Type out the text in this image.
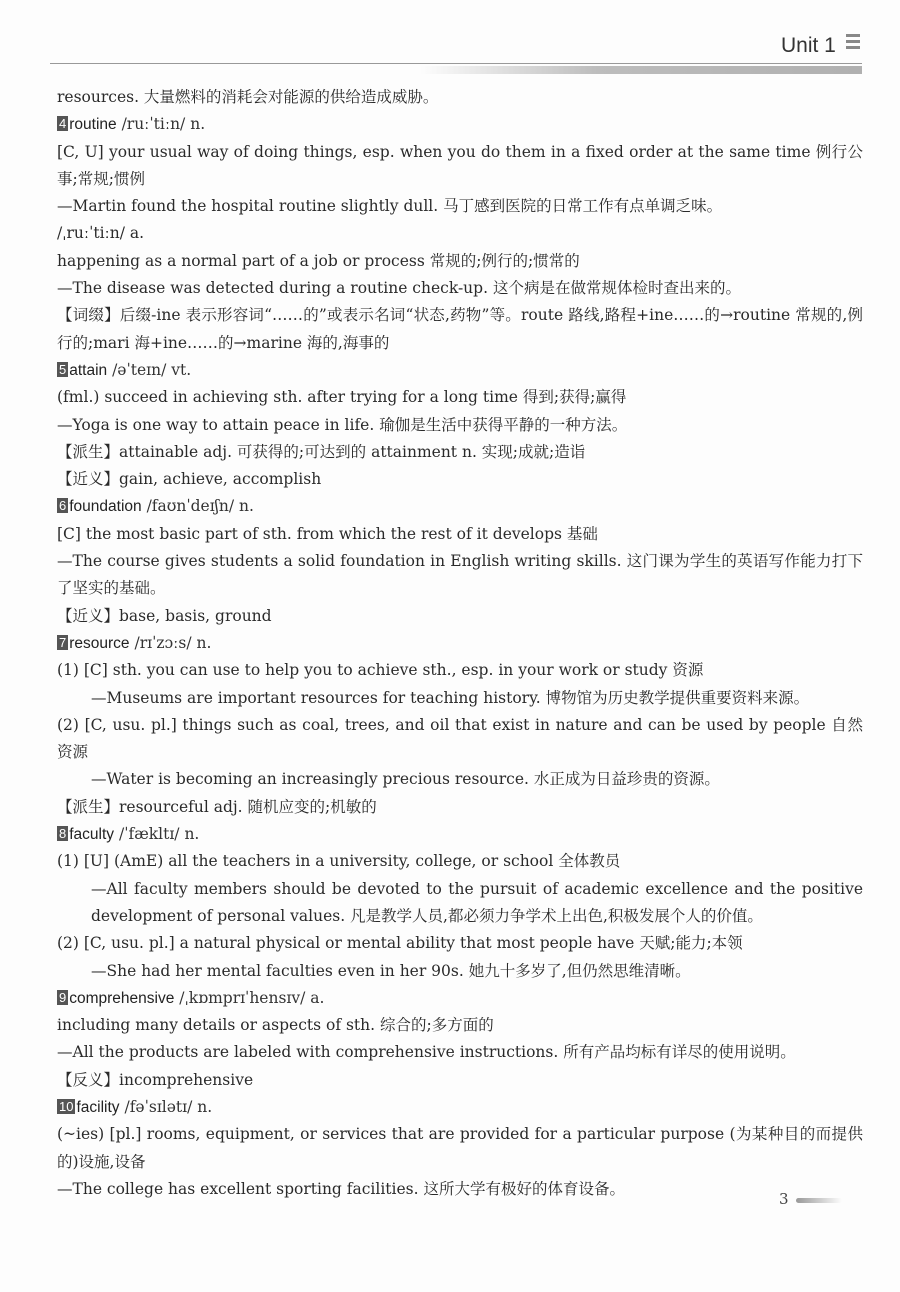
Unit 1
resources. 大量燃料的消耗会对能源的供给造成威胁。
4 routine /ruːˈtiːn/ n.
[C, U] your usual way of doing things, esp. when you do them in a fixed order at the same time 例行公事;常规;惯例
—Martin found the hospital routine slightly dull. 马丁感到医院的日常工作有点单调乏味。
/ˌruːˈtiːn/ a.
happening as a normal part of a job or process 常规的;例行的;惯常的
—The disease was detected during a routine check-up. 这个病是在做常规体检时查出来的。
【词缀】后缀-ine 表示形容词“……的”或表示名词“状态,药物”等。route 路线,路程+ine……的→routine 常规的,例行的;mari 海+ine……的→marine 海的,海事的
5 attain /əˈteɪn/ vt.
(fml.) succeed in achieving sth. after trying for a long time 得到;获得;赢得
—Yoga is one way to attain peace in life. 瑜伽是生活中获得平静的一种方法。
【派生】attainable adj. 可获得的;可达到的 attainment n. 实现;成就;造诣
【近义】gain, achieve, accomplish
6 foundation /faʊnˈdeɪʃn/ n.
[C] the most basic part of sth. from which the rest of it develops 基础
—The course gives students a solid foundation in English writing skills. 这门课为学生的英语写作能力打下了坚实的基础。
【近义】base, basis, ground
7 resource /rɪˈzɔːs/ n.
(1) [C] sth. you can use to help you to achieve sth., esp. in your work or study 资源
—Museums are important resources for teaching history. 博物馆为历史教学提供重要资料来源。
(2) [C, usu. pl.] things such as coal, trees, and oil that exist in nature and can be used by people 自然资源
—Water is becoming an increasingly precious resource. 水正成为日益珍贵的资源。
【派生】resourceful adj. 随机应变的;机敏的
8 faculty /ˈfækltɪ/ n.
(1) [U] (AmE) all the teachers in a university, college, or school 全体教员
—All faculty members should be devoted to the pursuit of academic excellence and the positive development of personal values. 凡是教学人员,都必须力争学术上出色,积极发展个人的价值。
(2) [C, usu. pl.] a natural physical or mental ability that most people have 天赋;能力;本领
—She had her mental faculties even in her 90s. 她九十多岁了,但仍然思维清晰。
9 comprehensive /ˌkɒmprɪˈhensɪv/ a.
including many details or aspects of sth. 综合的;多方面的
—All the products are labeled with comprehensive instructions. 所有产品均标有详尽的使用说明。
【反义】incomprehensive
10 facility /fəˈsɪlətɪ/ n.
(~ies) [pl.] rooms, equipment, or services that are provided for a particular purpose (为某种目的而提供的)设施,设备
—The college has excellent sporting facilities. 这所大学有极好的体育设备。
3
